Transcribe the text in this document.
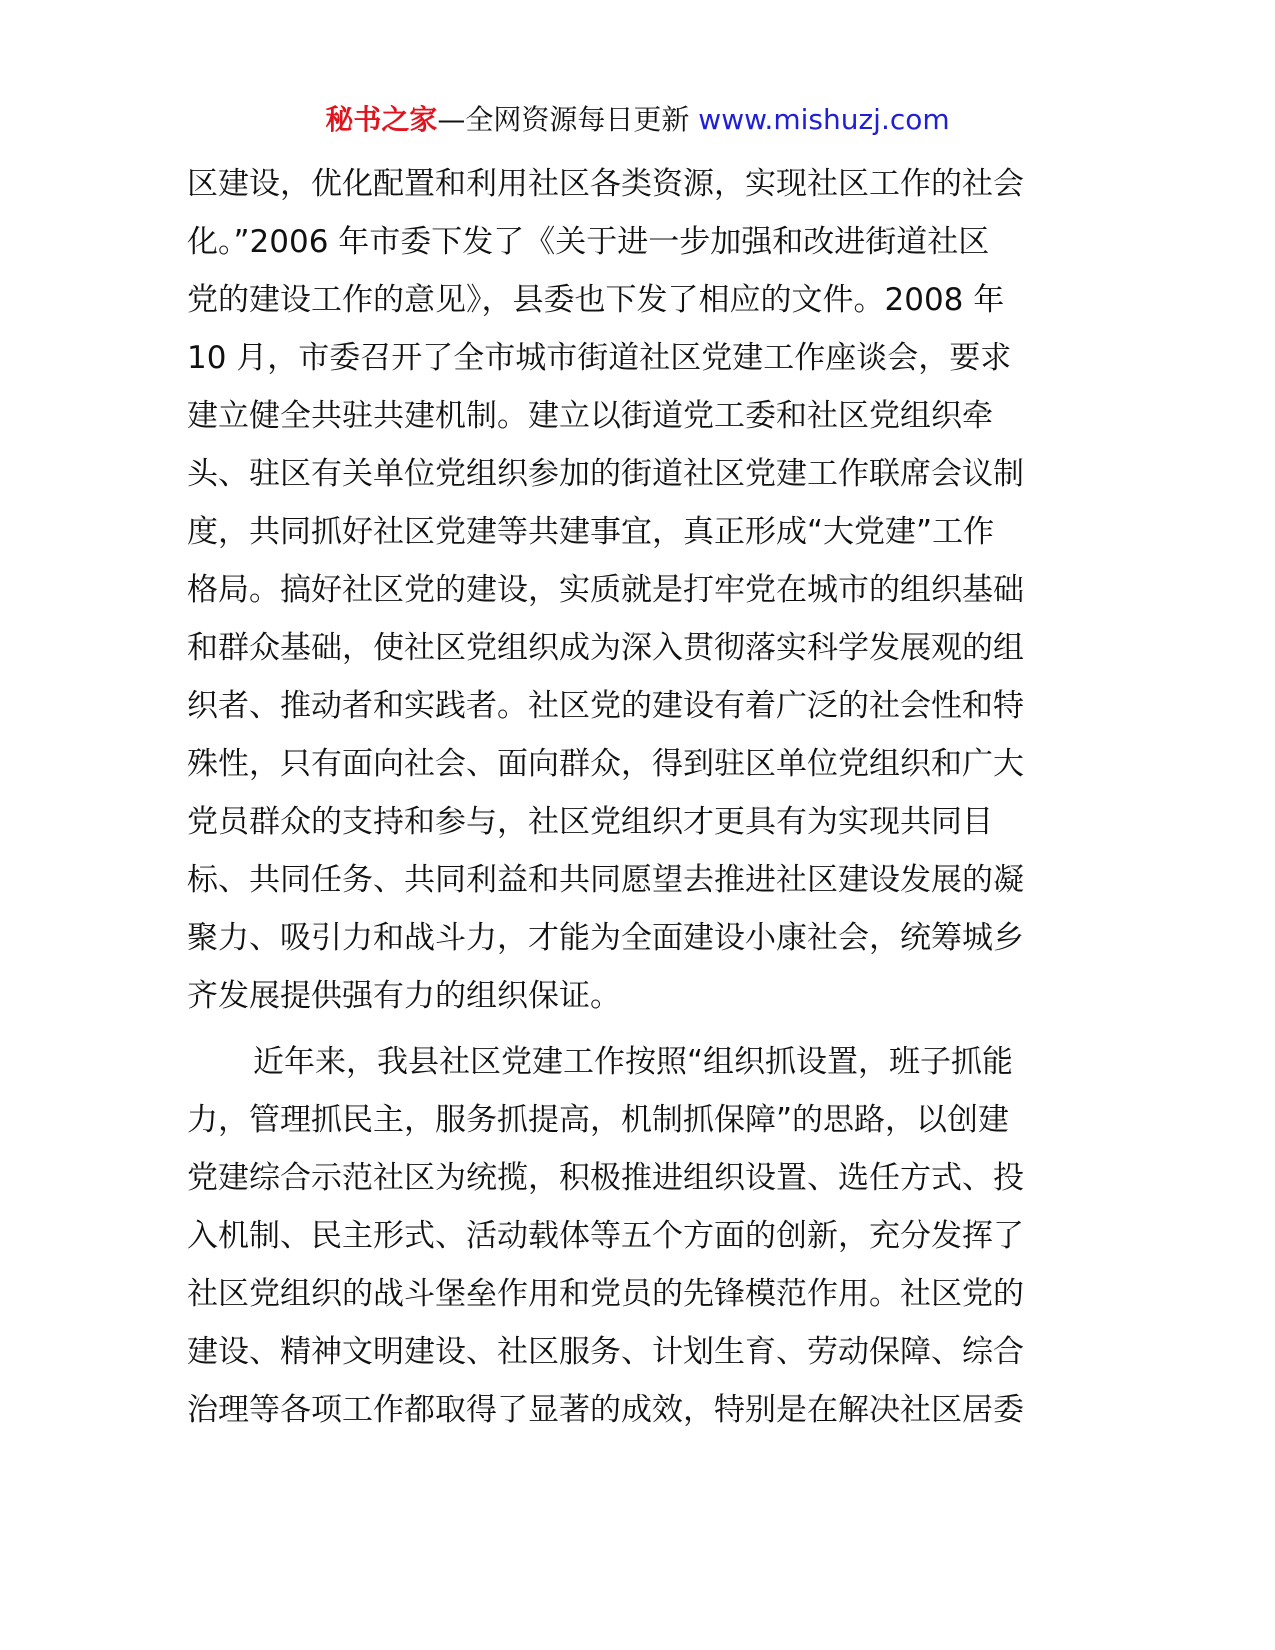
秘书之家—全网资源每日更新 www.mishuzj.com
区建设，优化配置和利用社区各类资源，实现社区工作的社会
化。”2006 年市委下发了《关于进一步加强和改进街道社区
党的建设工作的意见》，县委也下发了相应的文件。2008 年
10 月，市委召开了全市城市街道社区党建工作座谈会，要求
建立健全共驻共建机制。建立以街道党工委和社区党组织牵
头、驻区有关单位党组织参加的街道社区党建工作联席会议制
度，共同抓好社区党建等共建事宜，真正形成“大党建”工作
格局。搞好社区党的建设，实质就是打牢党在城市的组织基础
和群众基础，使社区党组织成为深入贯彻落实科学发展观的组
织者、推动者和实践者。社区党的建设有着广泛的社会性和特
殊性，只有面向社会、面向群众，得到驻区单位党组织和广大
党员群众的支持和参与，社区党组织才更具有为实现共同目
标、共同任务、共同利益和共同愿望去推进社区建设发展的凝
聚力、吸引力和战斗力，才能为全面建设小康社会，统筹城乡
齐发展提供强有力的组织保证。
近年来，我县社区党建工作按照“组织抓设置，班子抓能
力，管理抓民主，服务抓提高，机制抓保障”的思路，以创建
党建综合示范社区为统揽，积极推进组织设置、选任方式、投
入机制、民主形式、活动载体等五个方面的创新，充分发挥了
社区党组织的战斗堡垒作用和党员的先锋模范作用。社区党的
建设、精神文明建设、社区服务、计划生育、劳动保障、综合
治理等各项工作都取得了显著的成效，特别是在解决社区居委
